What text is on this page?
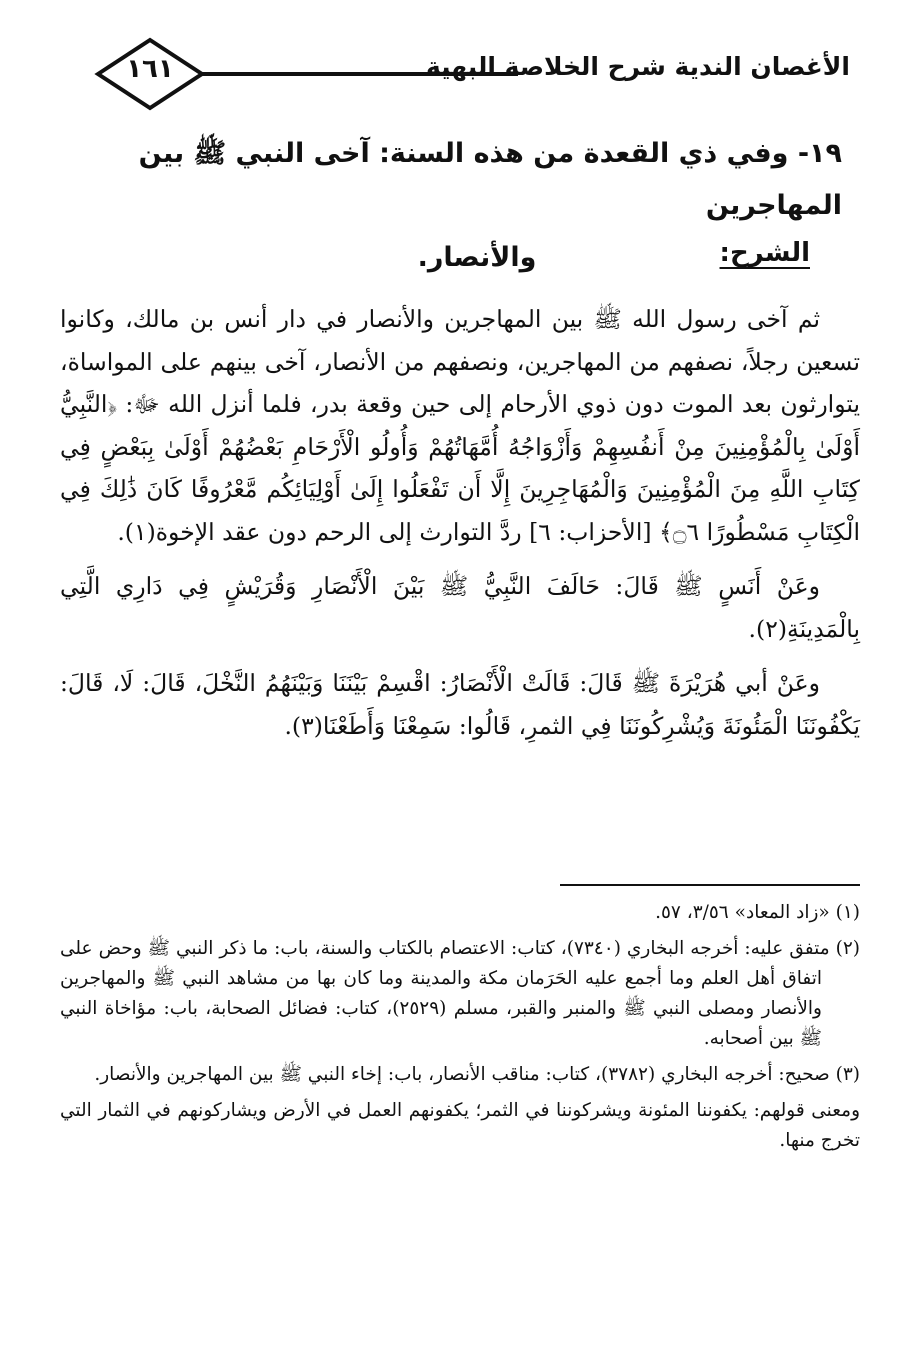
١٦١	الأغصان الندية شرح الخلاصة البهية
١٩- وفي ذي القعدة من هذه السنة: آخى النبي ﷺ بين المهاجرين
والأنصار.	الشرح:

ثم آخى رسول الله ﷺ بين المهاجرين والأنصار في دار أنس بن مالك، وكانوا تسعين رجلاً، نصفهم من المهاجرين، ونصفهم من الأنصار، آخى بينهم على المواساة، يتوارثون بعد الموت دون ذوي الأرحام إلى حين وقعة بدر، فلما أنزل الله ﷻ: ﴿النَّبِيُّ أَوْلَىٰ بِالْمُؤْمِنِينَ مِنْ أَنفُسِهِمْ وَأَزْوَاجُهُ أُمَّهَاتُهُمْ وَأُولُو الْأَرْحَامِ بَعْضُهُمْ أَوْلَىٰ بِبَعْضٍ فِي كِتَابِ اللَّهِ مِنَ الْمُؤْمِنِينَ وَالْمُهَاجِرِينَ إِلَّا أَن تَفْعَلُوا إِلَىٰ أَوْلِيَائِكُم مَّعْرُوفًا كَانَ ذَٰلِكَ فِي الْكِتَابِ مَسْطُورًا ۝٦﴾ [الأحزاب: ٦] ردَّ التوارث إلى الرحم دون عقد الإخوة(١).

وعَنْ أَنَسٍ ﷺ قَالَ: حَالَفَ النَّبِيُّ ﷺ بَيْنَ الْأَنْصَارِ وَقُرَيْشٍ فِي دَارِي الَّتِي بِالْمَدِينَةِ(٢).

وعَنْ أبي هُرَيْرَةَ ﷺ قَالَ: قَالَتْ الْأَنْصَارُ: اقْسِمْ بَيْنَنَا وَبَيْنَهُمُ النَّخْلَ، قَالَ: لَا، قَالَ: يَكْفُونَنَا الْمَئُونَةَ وَيُشْرِكُونَنَا فِي الثمرِ، قَالُوا: سَمِعْنَا وَأَطَعْنَا(٣).

(١) «زاد المعاد» ٣/٥٦، ٥٧.

(٢) متفق عليه: أخرجه البخاري (٧٣٤٠)، كتاب: الاعتصام بالكتاب والسنة، باب: ما ذكر النبي ﷺ وحض على اتفاق أهل العلم وما أجمع عليه الحَرَمان مكة والمدينة وما كان بها من مشاهد النبي ﷺ والمهاجرين والأنصار ومصلى النبي ﷺ والمنبر والقبر، مسلم (٢٥٢٩)، كتاب: فضائل الصحابة، باب: مؤاخاة النبي ﷺ بين أصحابه.

(٣) صحيح: أخرجه البخاري (٣٧٨٢)، كتاب: مناقب الأنصار، باب: إخاء النبي ﷺ بين المهاجرين والأنصار.

ومعنى قولهم: يكفوننا المئونة ويشركوننا في الثمر؛ يكفونهم العمل في الأرض ويشاركونهم في الثمار التي تخرج منها.
